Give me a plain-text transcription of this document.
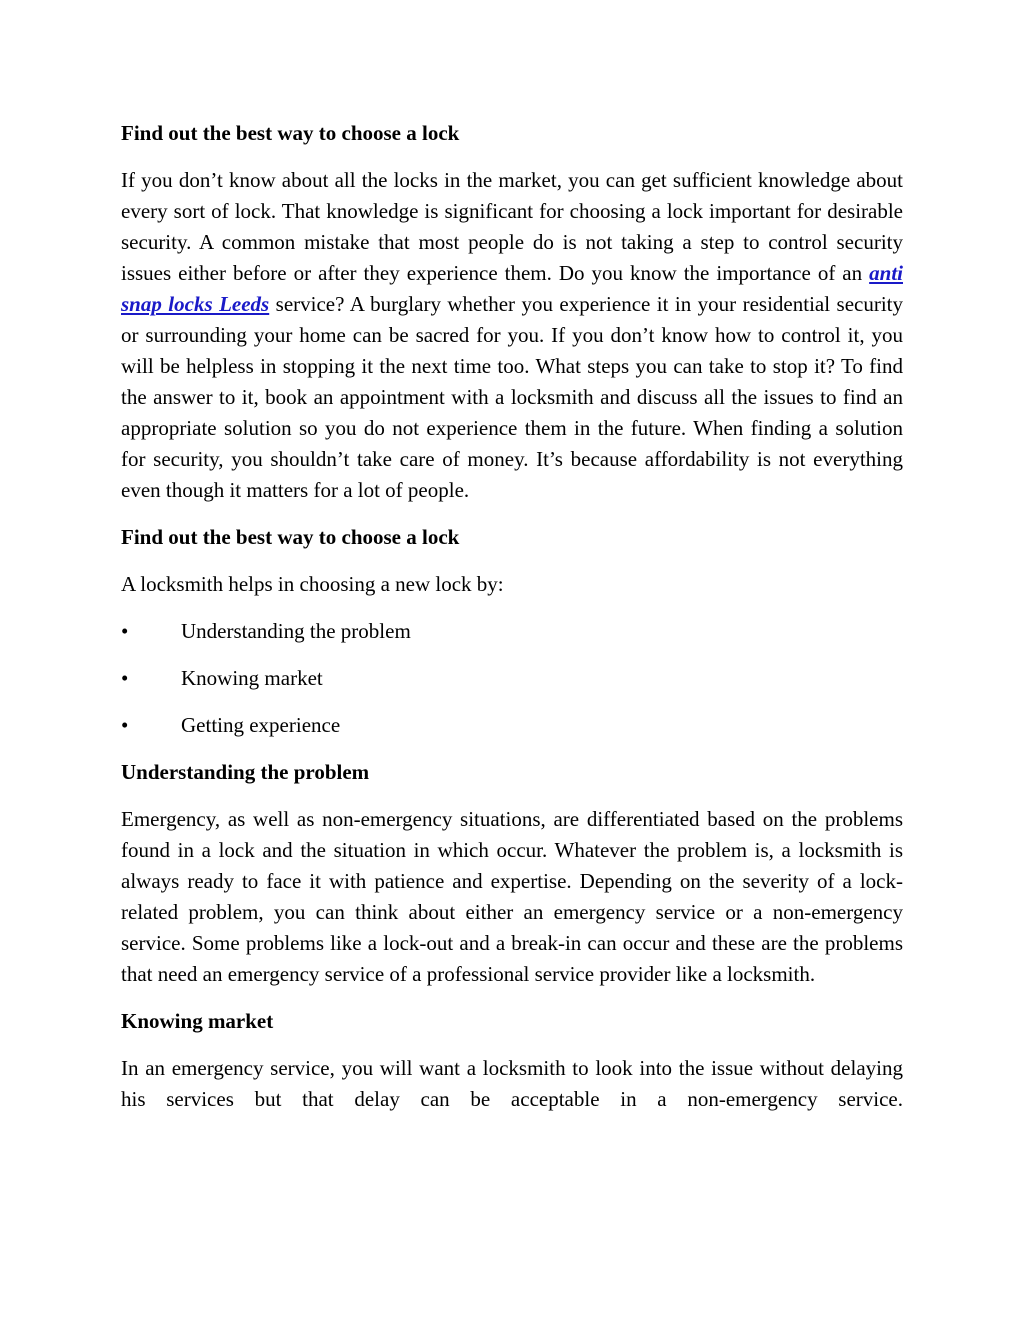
Find out the best way to choose a lock

If you don’t know about all the locks in the market, you can get sufficient knowledge about every sort of lock. That knowledge is significant for choosing a lock important for desirable security. A common mistake that most people do is not taking a step to control security issues either before or after they experience them. Do you know the importance of an anti snap locks Leeds service? A burglary whether you experience it in your residential security or surrounding your home can be sacred for you. If you don’t know how to control it, you will be helpless in stopping it the next time too. What steps you can take to stop it? To find the answer to it, book an appointment with a locksmith and discuss all the issues to find an appropriate solution so you do not experience them in the future. When finding a solution for security, you shouldn’t take care of money. It’s because affordability is not everything even though it matters for a lot of people.

Find out the best way to choose a lock

A locksmith helps in choosing a new lock by:

•	Understanding the problem
•	Knowing market
•	Getting experience
Understanding the problem

Emergency, as well as non-emergency situations, are differentiated based on the problems found in a lock and the situation in which occur. Whatever the problem is, a locksmith is always ready to face it with patience and expertise. Depending on the severity of a lock-related problem, you can think about either an emergency service or a non-emergency service. Some problems like a lock-out and a break-in can occur and these are the problems that need an emergency service of a professional service provider like a locksmith.

Knowing market

In an emergency service, you will want a locksmith to look into the issue without delaying his services but that delay can be acceptable in a non-emergency service.
